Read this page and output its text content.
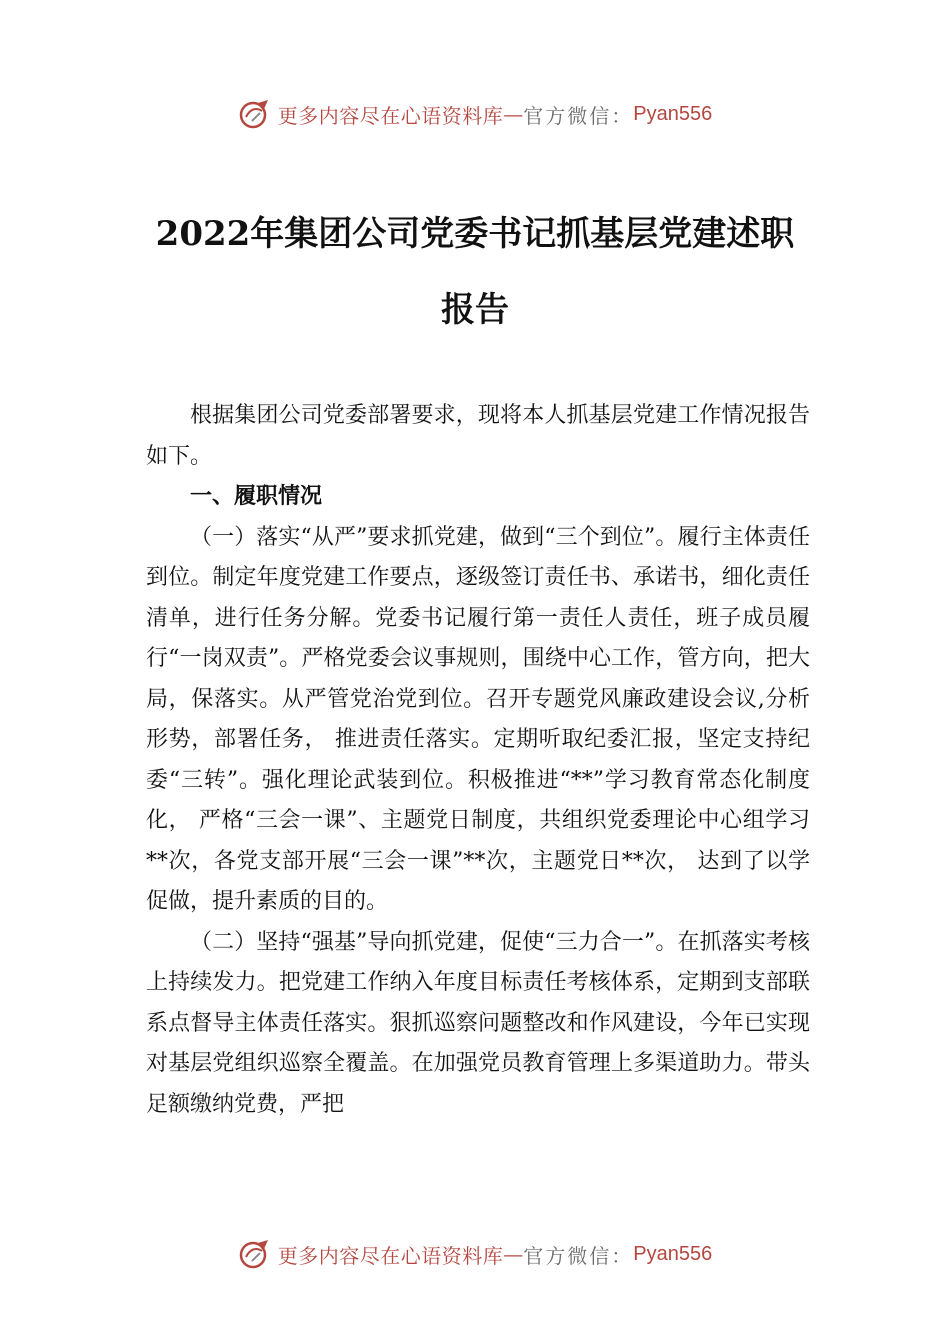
更多内容尽在心语资料库 — 官方微信： Pyan556
2022年集团公司党委书记抓基层党建述职
报告

根据集团公司党委部署要求，现将本人抓基层党建工作情况报告如下。

一、履职情况

（一）落实“从严”要求抓党建，做到“三个到位”。履行主体责任到位。制定年度党建工作要点，逐级签订责任书、承诺书，细化责任清单，进行任务分解。党委书记履行第一责任人责任，班子成员履行“一岗双责”。严格党委会议事规则，围绕中心工作，管方向，把大局，保落实。从严管党治党到位。召开专题党风廉政建设会议,分析形势，部署任务， 推进责任落实。定期听取纪委汇报，坚定支持纪委“三转”。强化理论武装到位。积极推进“**”学习教育常态化制度化， 严格“三会一课”、主题党日制度，共组织党委理论中心组学习**次，各党支部开展“三会一课”**次，主题党日**次， 达到了以学促做，提升素质的目的。

（二）坚持“强基”导向抓党建，促使“三力合一”。在抓落实考核上持续发力。把党建工作纳入年度目标责任考核体系，定期到支部联系点督导主体责任落实。狠抓巡察问题整改和作风建设，今年已实现对基层党组织巡察全覆盖。在加强党员教育管理上多渠道助力。带头足额缴纳党费，严把

更多内容尽在心语资料库 — 官方微信： Pyan556
